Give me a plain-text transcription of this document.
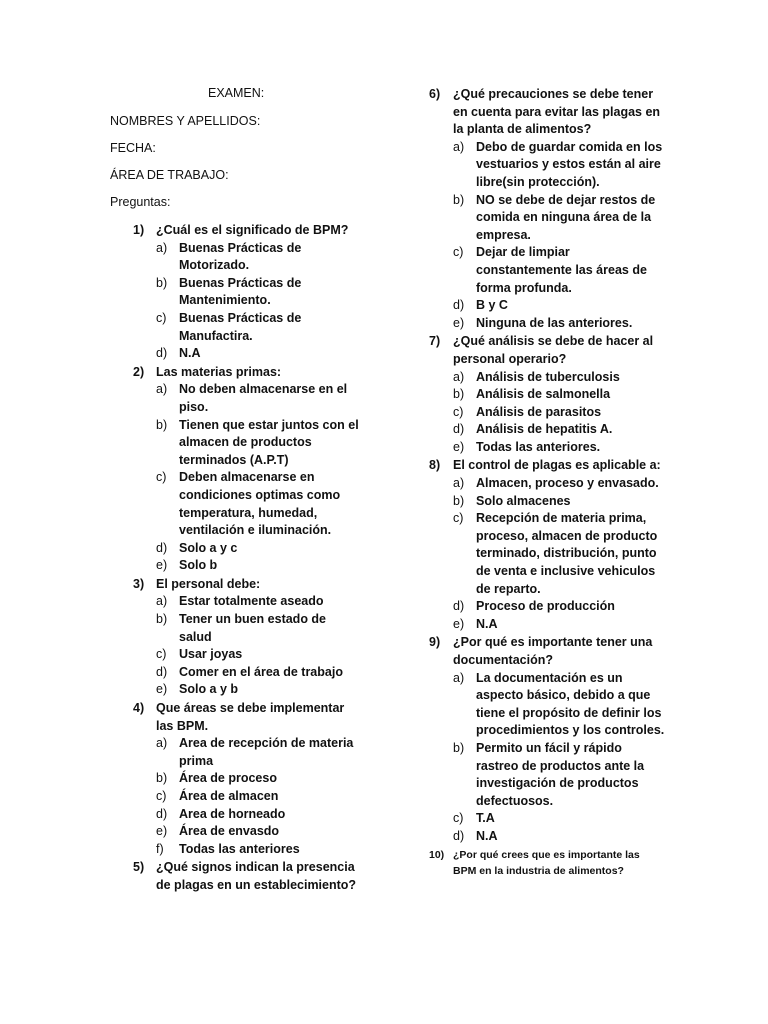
EXAMEN:
NOMBRES Y APELLIDOS:
FECHA:
ÁREA DE TRABAJO:
Preguntas:
1) ¿Cuál es el significado de BPM?
a) Buenas Prácticas de Motorizado.
b) Buenas Prácticas de Mantenimiento.
c) Buenas Prácticas de Manufactira.
d) N.A
2) Las materias primas:
a) No deben almacenarse en el piso.
b) Tienen que estar juntos con el almacen de productos terminados (A.P.T)
c) Deben almacenarse en condiciones optimas como temperatura, humedad, ventilación e iluminación.
d) Solo a y c
e) Solo b
3) El personal debe:
a) Estar totalmente aseado
b) Tener un buen estado de salud
c) Usar joyas
d) Comer en el área de trabajo
e) Solo a y b
4) Que áreas se debe implementar las BPM.
a) Area de recepción de materia prima
b) Área de proceso
c) Área de almacen
d) Area de horneado
e) Área de envasdo
f) Todas las anteriores
5) ¿Qué signos indican la presencia de plagas en un establecimiento?
6) ¿Qué precauciones se debe tener en cuenta para evitar las plagas en la planta de alimentos?
a) Debo de guardar comida en los vestuarios y estos están al aire libre(sin protección).
b) NO se debe de dejar restos de comida en ninguna área de la empresa.
c) Dejar de limpiar constantemente las áreas de forma profunda.
d) B y C
e) Ninguna de las anteriores.
7) ¿Qué análisis se debe de hacer al personal operario?
a) Análisis de tuberculosis
b) Análisis de salmonella
c) Análisis de parasitos
d) Análisis de hepatitis A.
e) Todas las anteriores.
8) El control de plagas es aplicable a:
a) Almacen, proceso y envasado.
b) Solo almacenes
c) Recepción de materia prima, proceso, almacen de producto terminado, distribución, punto de venta e inclusive vehiculos de reparto.
d) Proceso de producción
e) N.A
9) ¿Por qué es importante tener una documentación?
a) La documentación es un aspecto básico, debido a que tiene el propósito de definir los procedimientos y los controles.
b) Permito un fácil y rápido rastreo de productos ante la investigación de productos defectuosos.
c) T.A
d) N.A
10) ¿Por qué crees que es importante las BPM en la industria de alimentos?
